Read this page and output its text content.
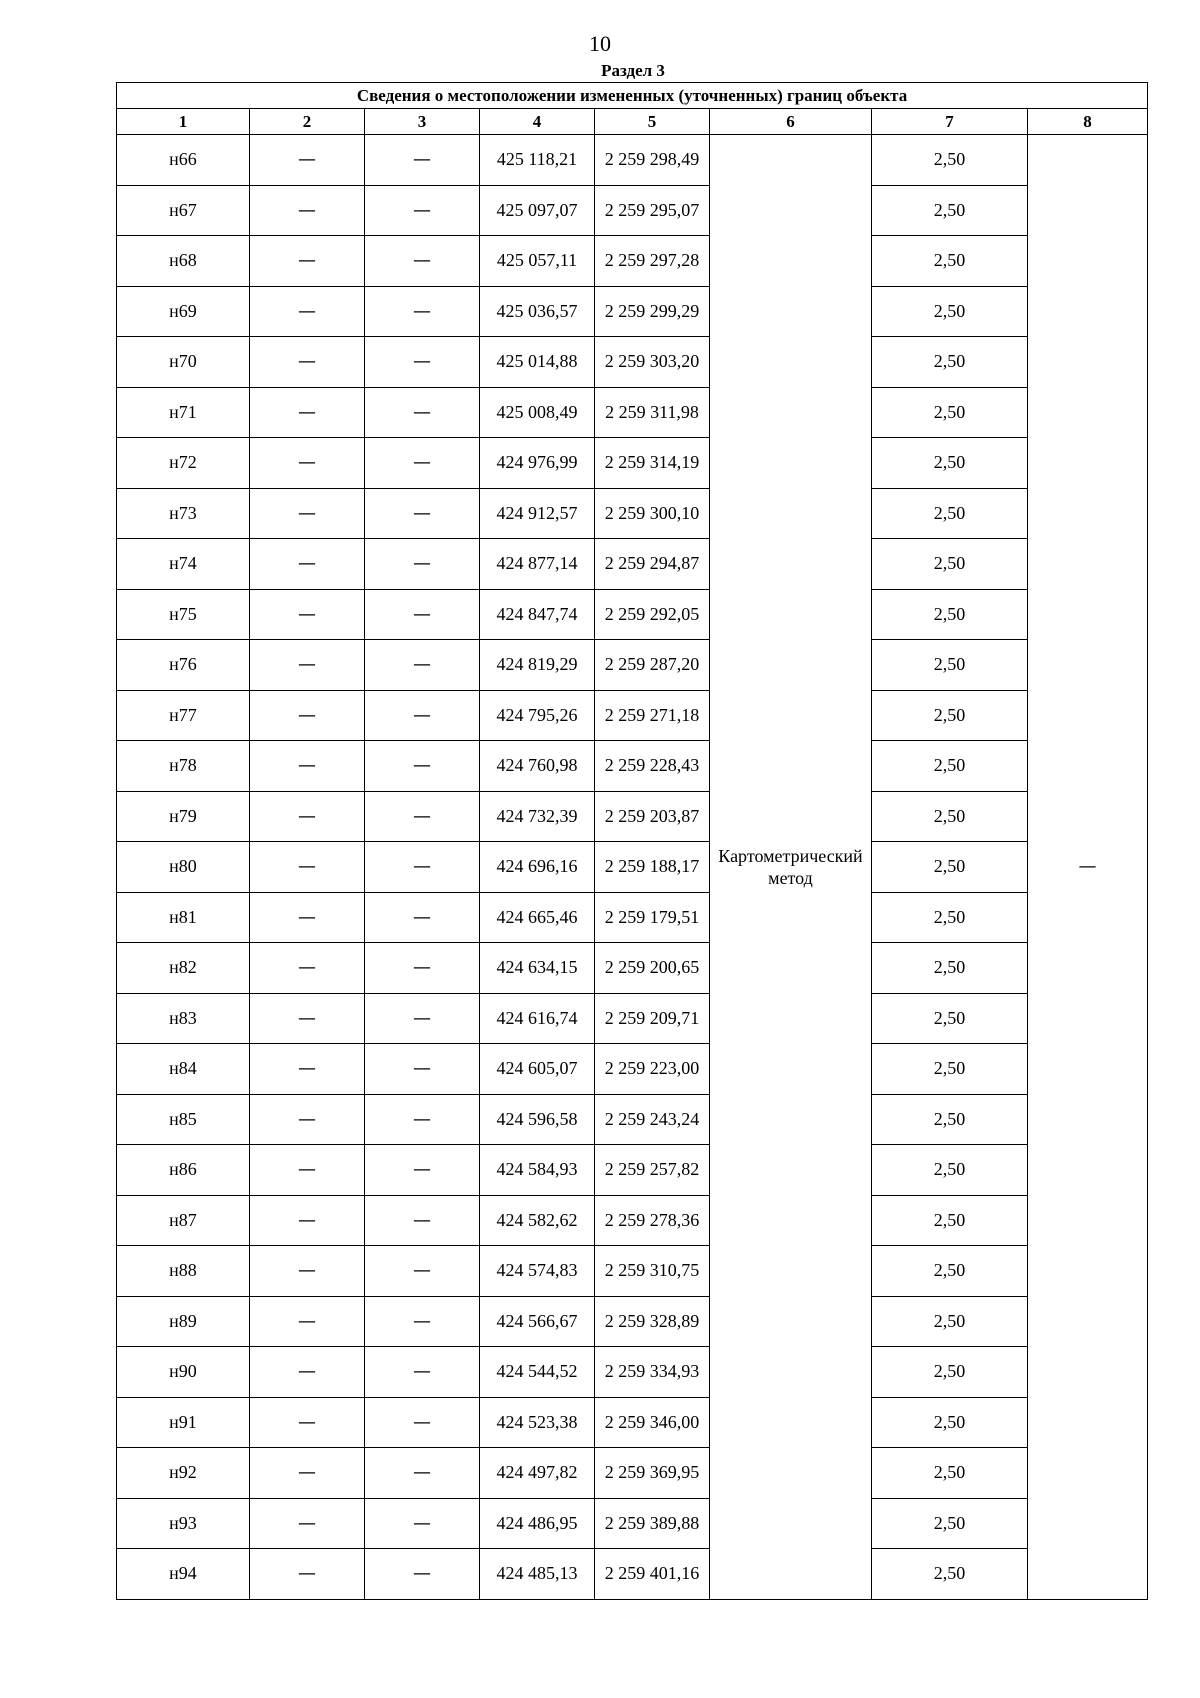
10
Раздел 3
Сведения о местоположении измененных (уточненных) границ объекта							
1	2	3	4	5	6	7	8
н66	—	—	425 118,21	2 259 298,49	Картометрический метод	2,50	—
н67	—	—	425 097,07	2 259 295,07		2,50	
н68	—	—	425 057,11	2 259 297,28		2,50	
н69	—	—	425 036,57	2 259 299,29		2,50	
н70	—	—	425 014,88	2 259 303,20		2,50	
н71	—	—	425 008,49	2 259 311,98		2,50	
н72	—	—	424 976,99	2 259 314,19		2,50	
н73	—	—	424 912,57	2 259 300,10		2,50	
н74	—	—	424 877,14	2 259 294,87		2,50	
н75	—	—	424 847,74	2 259 292,05		2,50	
н76	—	—	424 819,29	2 259 287,20		2,50	
н77	—	—	424 795,26	2 259 271,18		2,50	
н78	—	—	424 760,98	2 259 228,43		2,50	
н79	—	—	424 732,39	2 259 203,87		2,50	
н80	—	—	424 696,16	2 259 188,17		2,50	
н81	—	—	424 665,46	2 259 179,51		2,50	
н82	—	—	424 634,15	2 259 200,65		2,50	
н83	—	—	424 616,74	2 259 209,71		2,50	
н84	—	—	424 605,07	2 259 223,00		2,50	
н85	—	—	424 596,58	2 259 243,24		2,50	
н86	—	—	424 584,93	2 259 257,82		2,50	
н87	—	—	424 582,62	2 259 278,36		2,50	
н88	—	—	424 574,83	2 259 310,75		2,50	
н89	—	—	424 566,67	2 259 328,89		2,50	
н90	—	—	424 544,52	2 259 334,93		2,50	
н91	—	—	424 523,38	2 259 346,00		2,50	
н92	—	—	424 497,82	2 259 369,95		2,50	
н93	—	—	424 486,95	2 259 389,88		2,50	
н94	—	—	424 485,13	2 259 401,16		2,50	
